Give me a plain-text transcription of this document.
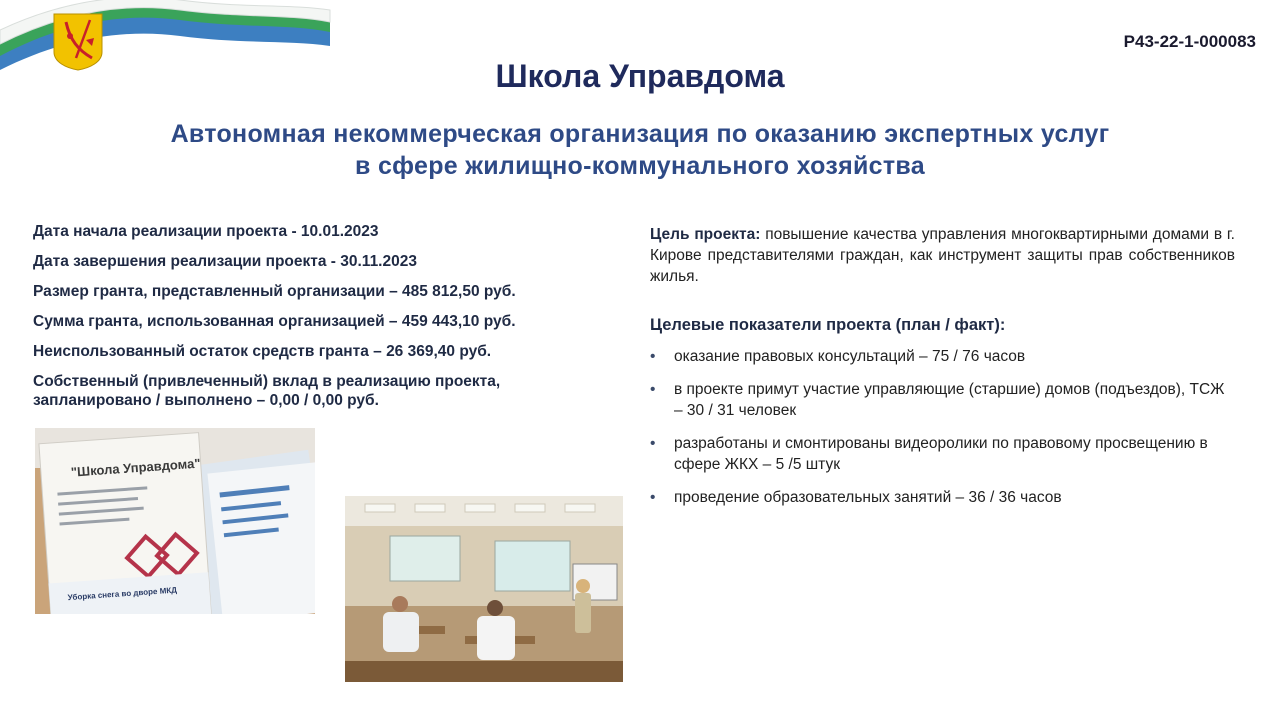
Р43-22-1-000083
Школа Управдома
Автономная некоммерческая организация по оказанию экспертных услуг
в сфере жилищно-коммунального хозяйства
Дата начала реализации проекта - 10.01.2023
Дата завершения реализации проекта - 30.11.2023
Размер гранта, представленный организации – 485 812,50 руб.
Сумма гранта, использованная организацией – 459 443,10 руб.
Неиспользованный остаток средств гранта – 26 369,40 руб.
Собственный (привлеченный) вклад в реализацию проекта, запланировано / выполнено – 0,00 / 0,00 руб.
Цель проекта: повышение качества управления многоквартирными домами в г. Кирове представителями граждан, как инструмент защиты прав собственников жилья.
Целевые показатели проекта (план / факт):
• оказание правовых консультаций – 75 / 76 часов
• в проекте примут участие управляющие (старшие) домов (подъездов), ТСЖ – 30 / 31 человек
• разработаны и смонтированы видеоролики по правовому просвещению в сфере ЖКХ – 5 /5 штук
• проведение образовательных занятий – 36 / 36 часов
"Школа Управдома"
Уборка снега во дворе МКД
